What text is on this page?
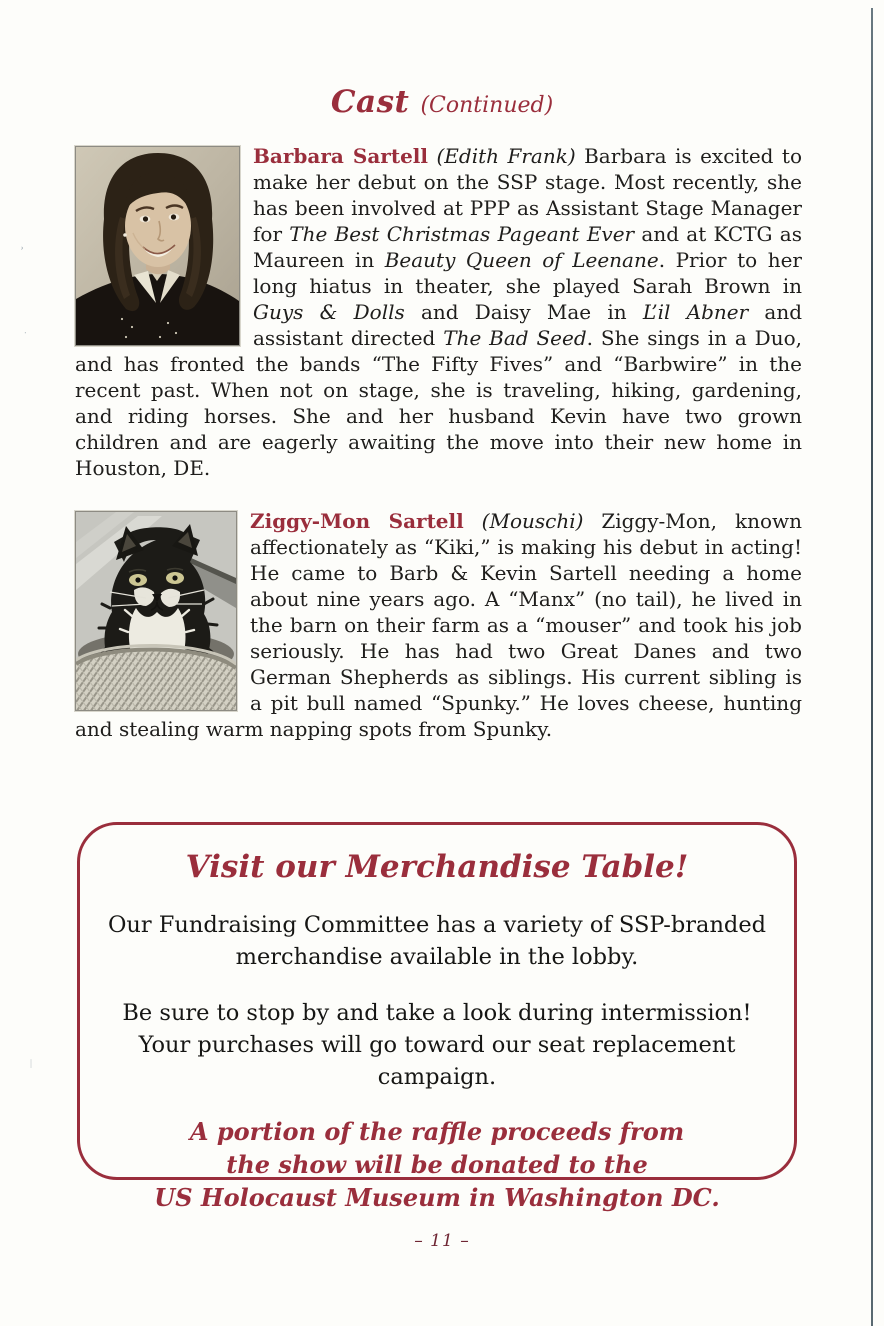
Cast (Continued)

Barbara Sartell (Edith Frank) Barbara is excited to make her debut on the SSP stage. Most recently, she has been involved at PPP as Assistant Stage Manager for The Best Christmas Pageant Ever and at KCTG as Maureen in Beauty Queen of Leenane. Prior to her long hiatus in theater, she played Sarah Brown in Guys & Dolls and Daisy Mae in L’il Abner and assistant directed The Bad Seed. She sings in a Duo, and has fronted the bands “The Fifty Fives” and “Barbwire” in the recent past. When not on stage, she is traveling, hiking, gardening, and riding horses. She and her husband Kevin have two grown children and are eagerly awaiting the move into their new home in Houston, DE.

Ziggy-Mon Sartell (Mouschi) Ziggy-Mon, known affectionately as “Kiki,” is making his debut in acting! He came to Barb & Kevin Sartell needing a home about nine years ago. A “Manx” (no tail), he lived in the barn on their farm as a “mouser” and took his job seriously. He has had two Great Danes and two German Shepherds as siblings. His current sibling is a pit bull named “Spunky.” He loves cheese, hunting and stealing warm napping spots from Spunky.

Visit our Merchandise Table!
Our Fundraising Committee has a variety of SSP-branded
merchandise available in the lobby.
Be sure to stop by and take a look during intermission!
Your purchases will go toward our seat replacement campaign.
A portion of the raffle proceeds from
the show will be donated to the
US Holocaust Museum in Washington DC.
– 11 –
ʾ
ᐧ
ᛁ
